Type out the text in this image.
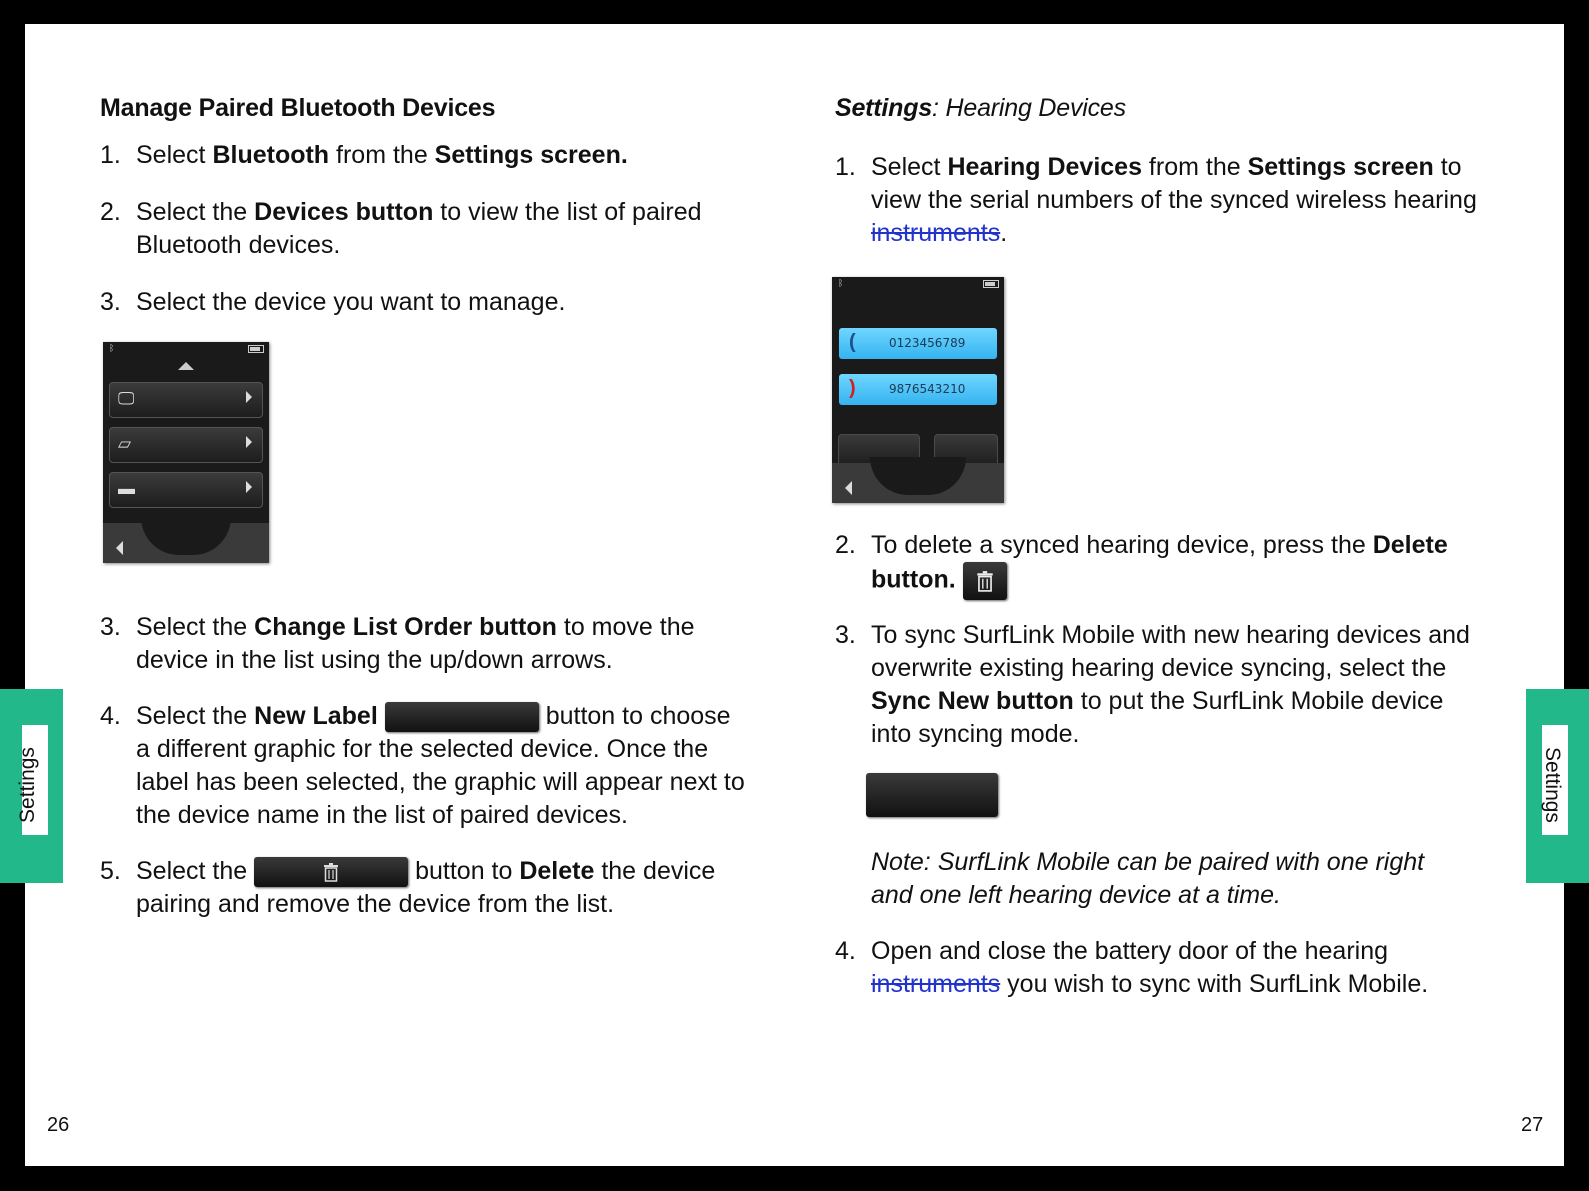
Manage Paired Bluetooth Devices
1. Select Bluetooth from the Settings screen.
2. Select the Devices button to view the list of paired Bluetooth devices.
3. Select the device you want to manage.
ᛒ
🖵
▱
▬
3. Select the Change List Order button to move the device in the list using the up/down arrows.
4. Select the New Label	button to choose a different graphic for the selected device. Once the label has been selected, the graphic will appear next to the device name in the list of paired devices.
5. Select the	button to Delete the device pairing and remove the device from the list.
Settings: Hearing Devices
1. Select Hearing Devices from the Settings screen to view the serial numbers of the synced wireless hearing instruments.
ᛒ
(	0123456789
)	9876543210
2. To delete a synced hearing device, press the Delete button.
3. To sync SurfLink Mobile with new hearing devices and overwrite existing hearing device syncing, select the Sync New button to put the SurfLink Mobile device into syncing mode.
Note: SurfLink Mobile can be paired with one right and one left hearing device at a time.
4. Open and close the battery door of the hearing instruments you wish to sync with SurfLink Mobile.
26	27
Settings	Settings
